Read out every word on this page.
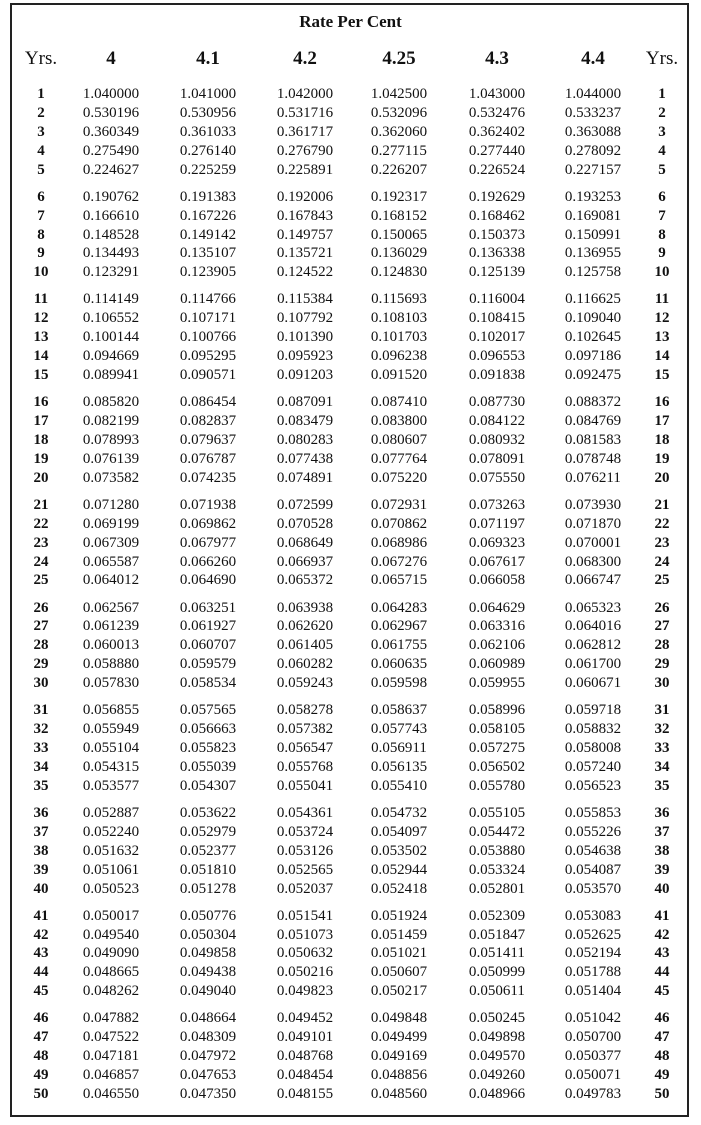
Rate Per Cent
Yrs.	4	4.1	4.2	4.25	4.3	4.4	Yrs.
1	1.040000	1.041000	1.042000	1.042500	1.043000	1.044000	1
2	0.530196	0.530956	0.531716	0.532096	0.532476	0.533237	2
3	0.360349	0.361033	0.361717	0.362060	0.362402	0.363088	3
4	0.275490	0.276140	0.276790	0.277115	0.277440	0.278092	4
5	0.224627	0.225259	0.225891	0.226207	0.226524	0.227157	5
6	0.190762	0.191383	0.192006	0.192317	0.192629	0.193253	6
7	0.166610	0.167226	0.167843	0.168152	0.168462	0.169081	7
8	0.148528	0.149142	0.149757	0.150065	0.150373	0.150991	8
9	0.134493	0.135107	0.135721	0.136029	0.136338	0.136955	9
10	0.123291	0.123905	0.124522	0.124830	0.125139	0.125758	10
11	0.114149	0.114766	0.115384	0.115693	0.116004	0.116625	11
12	0.106552	0.107171	0.107792	0.108103	0.108415	0.109040	12
13	0.100144	0.100766	0.101390	0.101703	0.102017	0.102645	13
14	0.094669	0.095295	0.095923	0.096238	0.096553	0.097186	14
15	0.089941	0.090571	0.091203	0.091520	0.091838	0.092475	15
16	0.085820	0.086454	0.087091	0.087410	0.087730	0.088372	16
17	0.082199	0.082837	0.083479	0.083800	0.084122	0.084769	17
18	0.078993	0.079637	0.080283	0.080607	0.080932	0.081583	18
19	0.076139	0.076787	0.077438	0.077764	0.078091	0.078748	19
20	0.073582	0.074235	0.074891	0.075220	0.075550	0.076211	20
21	0.071280	0.071938	0.072599	0.072931	0.073263	0.073930	21
22	0.069199	0.069862	0.070528	0.070862	0.071197	0.071870	22
23	0.067309	0.067977	0.068649	0.068986	0.069323	0.070001	23
24	0.065587	0.066260	0.066937	0.067276	0.067617	0.068300	24
25	0.064012	0.064690	0.065372	0.065715	0.066058	0.066747	25
26	0.062567	0.063251	0.063938	0.064283	0.064629	0.065323	26
27	0.061239	0.061927	0.062620	0.062967	0.063316	0.064016	27
28	0.060013	0.060707	0.061405	0.061755	0.062106	0.062812	28
29	0.058880	0.059579	0.060282	0.060635	0.060989	0.061700	29
30	0.057830	0.058534	0.059243	0.059598	0.059955	0.060671	30
31	0.056855	0.057565	0.058278	0.058637	0.058996	0.059718	31
32	0.055949	0.056663	0.057382	0.057743	0.058105	0.058832	32
33	0.055104	0.055823	0.056547	0.056911	0.057275	0.058008	33
34	0.054315	0.055039	0.055768	0.056135	0.056502	0.057240	34
35	0.053577	0.054307	0.055041	0.055410	0.055780	0.056523	35
36	0.052887	0.053622	0.054361	0.054732	0.055105	0.055853	36
37	0.052240	0.052979	0.053724	0.054097	0.054472	0.055226	37
38	0.051632	0.052377	0.053126	0.053502	0.053880	0.054638	38
39	0.051061	0.051810	0.052565	0.052944	0.053324	0.054087	39
40	0.050523	0.051278	0.052037	0.052418	0.052801	0.053570	40
41	0.050017	0.050776	0.051541	0.051924	0.052309	0.053083	41
42	0.049540	0.050304	0.051073	0.051459	0.051847	0.052625	42
43	0.049090	0.049858	0.050632	0.051021	0.051411	0.052194	43
44	0.048665	0.049438	0.050216	0.050607	0.050999	0.051788	44
45	0.048262	0.049040	0.049823	0.050217	0.050611	0.051404	45
46	0.047882	0.048664	0.049452	0.049848	0.050245	0.051042	46
47	0.047522	0.048309	0.049101	0.049499	0.049898	0.050700	47
48	0.047181	0.047972	0.048768	0.049169	0.049570	0.050377	48
49	0.046857	0.047653	0.048454	0.048856	0.049260	0.050071	49
50	0.046550	0.047350	0.048155	0.048560	0.048966	0.049783	50
